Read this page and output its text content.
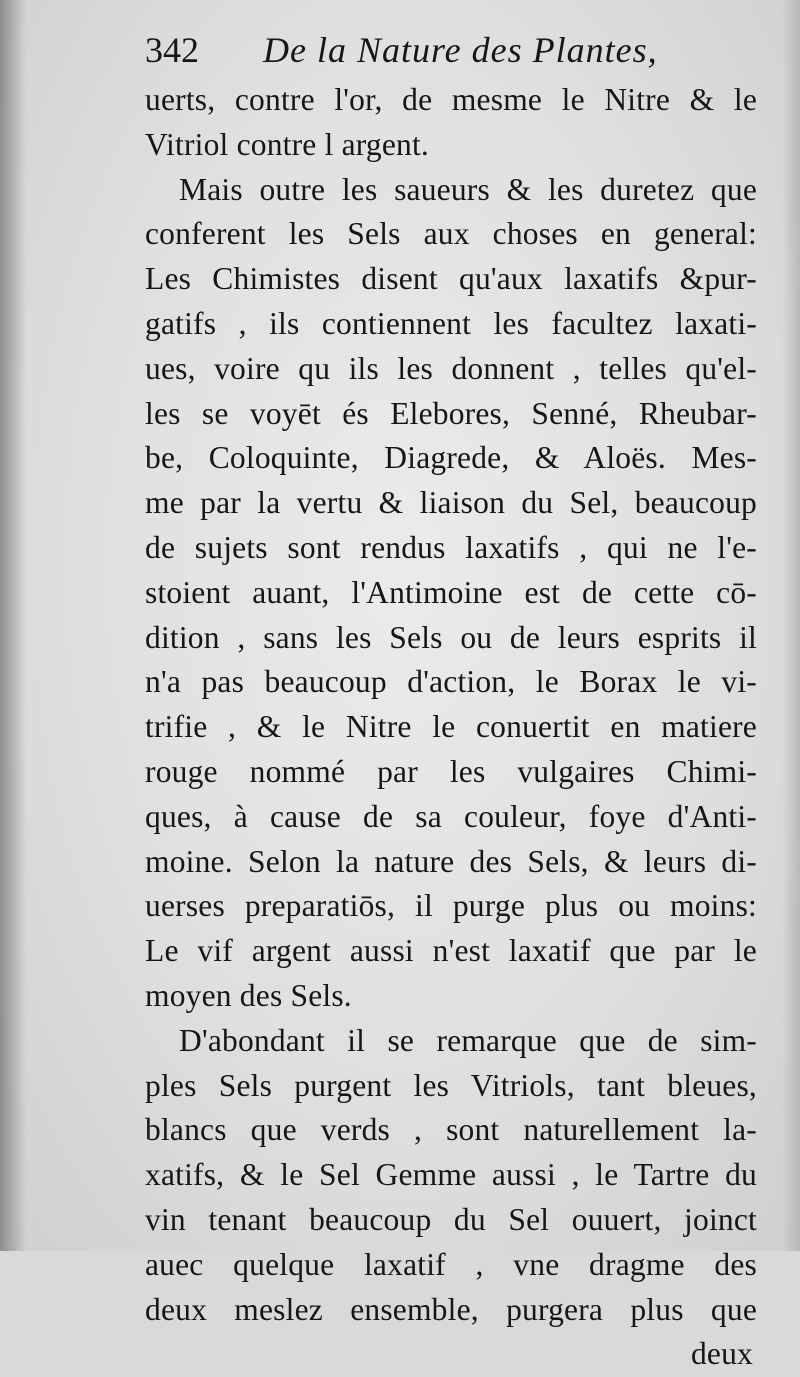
342 De la Nature des Plantes,
uerts, contre l'or, de mesme le Nitre & le
Vitriol contre l argent.
Mais outre les saueurs & les duretez que
conferent les Sels aux choses en general:
Les Chimistes disent qu'aux laxatifs &pur-
gatifs , ils contiennent les facultez laxati-
ues, voire qu ils les donnent , telles qu'el-
les se voyēt és Elebores, Senné, Rheubar-
be, Coloquinte, Diagrede, & Aloës. Mes-
me par la vertu & liaison du Sel, beaucoup
de sujets sont rendus laxatifs , qui ne l'e-
stoient auant, l'Antimoine est de cette cō-
dition , sans les Sels ou de leurs esprits il
n'a pas beaucoup d'action, le Borax le vi-
trifie , & le Nitre le conuertit en matiere
rouge nommé par les vulgaires Chimi-
ques, à cause de sa couleur, foye d'Anti-
moine. Selon la nature des Sels, & leurs di-
uerses preparatiōs, il purge plus ou moins:
Le vif argent aussi n'est laxatif que par le
moyen des Sels.
D'abondant il se remarque que de sim-
ples Sels purgent les Vitriols, tant bleues,
blancs que verds , sont naturellement la-
xatifs, & le Sel Gemme aussi , le Tartre du
vin tenant beaucoup du Sel ouuert, joinct
auec quelque laxatif , vne dragme des
deux meslez ensemble, purgera plus que
deux
